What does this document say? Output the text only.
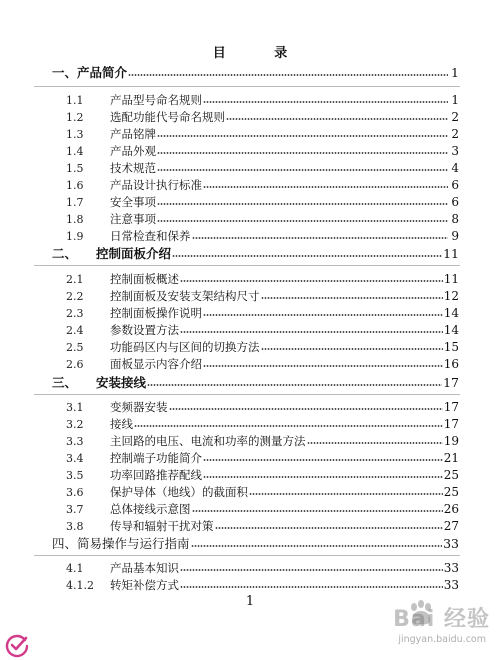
目 录
一、 产品简介	1
1.1	产品型号命名规则	1
1.2	选配功能代号命名规则	2
1.3	产品铭牌	2
1.4	产品外观	3
1.5	技术规范	4
1.6	产品设计执行标准	6
1.7	安全事项	6
1.8	注意事项	8
1.9	日常检查和保养	9
二、	控制面板介绍	11
2.1	控制面板概述	11
2.2	控制面板及安装支架结构尺寸	12
2.3	控制面板操作说明	14
2.4	参数设置方法	14
2.5	功能码区内与区间的切换方法	15
2.6	面板显示内容介绍	16
三、	安装接线	17
3.1	变频器安装	17
3.2	接线	17
3.3	主回路的电压、电流和功率的测量方法	19
3.4	控制端子功能简介	21
3.5	功率回路推荐配线	25
3.6	保护导体（地线）的截面积	25
3.7	总体接线示意图	26
3.8	传导和辐射干扰对策	27
四、 简易操作与运行指南	33
4.1	产品基本知识	33
4.1.2	转矩补偿方式	33
1
Bai 经验
jingyan.baidu.com
